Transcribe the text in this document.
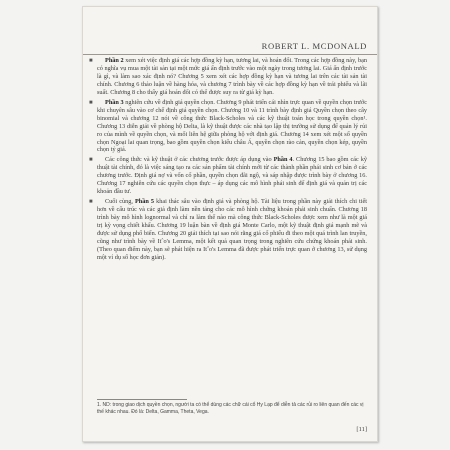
ROBERT L. MCDONALD
■	Phần 2 xem xét việc định giá các hợp đồng kỳ hạn, tương lai, và hoán đổi. Trong các hợp đồng này, bạn có nghĩa vụ mua một tài sản tại một mức giá ấn định trước vào một ngày trong tương lai. Giá ấn định trước là gì, và làm sao xác định nó? Chương 5 xem xét các hợp đồng kỳ hạn và tương lai trên các tài sản tài chính. Chương 6 thảo luận về hàng hóa, và chương 7 trình bày về các hợp đồng kỳ hạn về trái phiếu và lãi suất. Chương 8 cho thấy giá hoán đổi có thể được suy ra từ giá kỳ hạn.
■	Phần 3 nghiên cứu về định giá quyền chọn. Chương 9 phát triển cái nhìn trực quan về quyền chọn trước khi chuyên sâu vào cơ chế định giá quyền chọn. Chương 10 và 11 trình bày định giá Quyền chọn theo cây binomial và chương 12 nói về công thức Black-Scholes và các kỹ thuật toán học trong quyền chọn¹. Chương 13 diễn giải về phòng hộ Delta, là kỹ thuật được các nhà tạo lập thị trường sử dụng để quản lý rủi ro của mình về quyền chọn, và mối liên hệ giữa phòng hộ với định giá. Chương 14 xem xét một số quyền chọn Ngoại lai quan trọng, bao gồm quyền chọn kiểu châu Á, quyền chọn rào cản, quyền chọn kép, quyền chọn tỷ giá.
■	Các công thức và kỹ thuật ở các chương trước được áp dụng vào Phần 4. Chương 15 bao gồm các kỹ thuật tài chính, đó là việc sáng tạo ra các sản phẩm tài chính mới từ các thành phần phái sinh cơ bản ở các chương trước. Định giá nợ và vốn cổ phần, quyền chọn đãi ngộ, và sáp nhập được trình bày ở chương 16. Chương 17 nghiên cứu các quyền chọn thực – áp dụng các mô hình phái sinh để định giá và quản trị các khoản đầu tư.
■	Cuối cùng, Phần 5 khai thác sâu vào định giá và phòng hộ. Tài liệu trong phần này giải thích chi tiết hơn về cấu trúc và các giả định làm nền tảng cho các mô hình chứng khoán phái sinh chuẩn. Chương 18 trình bày mô hình lognormal và chỉ ra làm thế nào mà công thức Black-Scholes được xem như là một giá trị kỳ vọng chiết khấu. Chương 19 luận bàn về định giá Monte Carlo, một kỹ thuật định giá mạnh mẽ và được sử dụng phổ biến. Chương 20 giải thích tại sao nói rằng giá cổ phiếu đi theo một quá trình lan truyền, cũng như trình bày về Itˆo's Lemma, một kết quả quan trọng trong nghiên cứu chứng khoán phái sinh. (Theo quan điểm này, bạn sẽ phát hiện ra Itˆo's Lemma đã được phát triển trực quan ở chương 13, sử dụng một ví dụ số học đơn giản).
1. ND: trong giao dịch quyền chọn, người ta có thể dùng các chữ cái cổ Hy Lạp để diễn tả các rủi ro liên quan đến các vị thế khác nhau. Đó là: Delta, Gamma, Theta, Vega.
[11]
